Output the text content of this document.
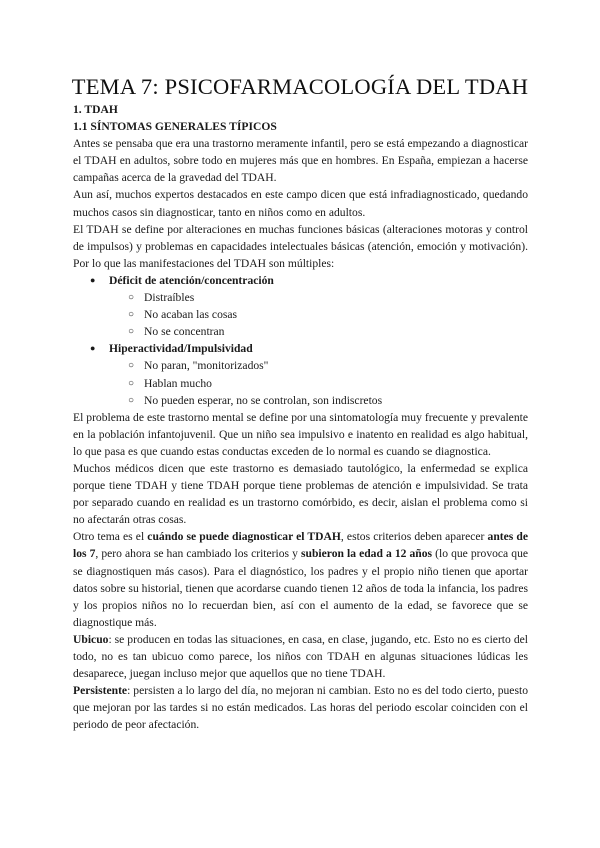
TEMA 7: PSICOFARMACOLOGÍA DEL TDAH

1. TDAH

1.1 SÍNTOMAS GENERALES TÍPICOS

Antes se pensaba que era una trastorno meramente infantil, pero se está empezando a diagnosticar el TDAH en adultos, sobre todo en mujeres más que en hombres. En España, empiezan a hacerse campañas acerca de la gravedad del TDAH.

Aun así, muchos expertos destacados en este campo dicen que está infradiagnosticado, quedando muchos casos sin diagnosticar, tanto en niños como en adultos.

El TDAH se define por alteraciones en muchas funciones básicas (alteraciones motoras y control de impulsos) y problemas en capacidades intelectuales básicas (atención, emoción y motivación). Por lo que las manifestaciones del TDAH son múltiples:

● Déficit de atención/concentración
○ Distraíbles
○ No acaban las cosas
○ No se concentran
● Hiperactividad/Impulsividad
○ No paran, "monitorizados"
○ Hablan mucho
○ No pueden esperar, no se controlan, son indiscretos

El problema de este trastorno mental se define por una sintomatología muy frecuente y prevalente en la población infantojuvenil. Que un niño sea impulsivo e inatento en realidad es algo habitual, lo que pasa es que cuando estas conductas exceden de lo normal es cuando se diagnostica.

Muchos médicos dicen que este trastorno es demasiado tautológico, la enfermedad se explica porque tiene TDAH y tiene TDAH porque tiene problemas de atención e impulsividad. Se trata por separado cuando en realidad es un trastorno comórbido, es decir, aislan el problema como si no afectarán otras cosas.

Otro tema es el cuándo se puede diagnosticar el TDAH, estos criterios deben aparecer antes de los 7, pero ahora se han cambiado los criterios y subieron la edad a 12 años (lo que provoca que se diagnostiquen más casos). Para el diagnóstico, los padres y el propio niño tienen que aportar datos sobre su historial, tienen que acordarse cuando tienen 12 años de toda la infancia, los padres y los propios niños no lo recuerdan bien, así con el aumento de la edad, se favorece que se diagnostique más.

Ubicuo: se producen en todas las situaciones, en casa, en clase, jugando, etc. Esto no es cierto del todo, no es tan ubicuo como parece, los niños con TDAH en algunas situaciones lúdicas les desaparece, juegan incluso mejor que aquellos que no tiene TDAH.

Persistente: persisten a lo largo del día, no mejoran ni cambian. Esto no es del todo cierto, puesto que mejoran por las tardes si no están medicados. Las horas del periodo escolar coinciden con el periodo de peor afectación.
